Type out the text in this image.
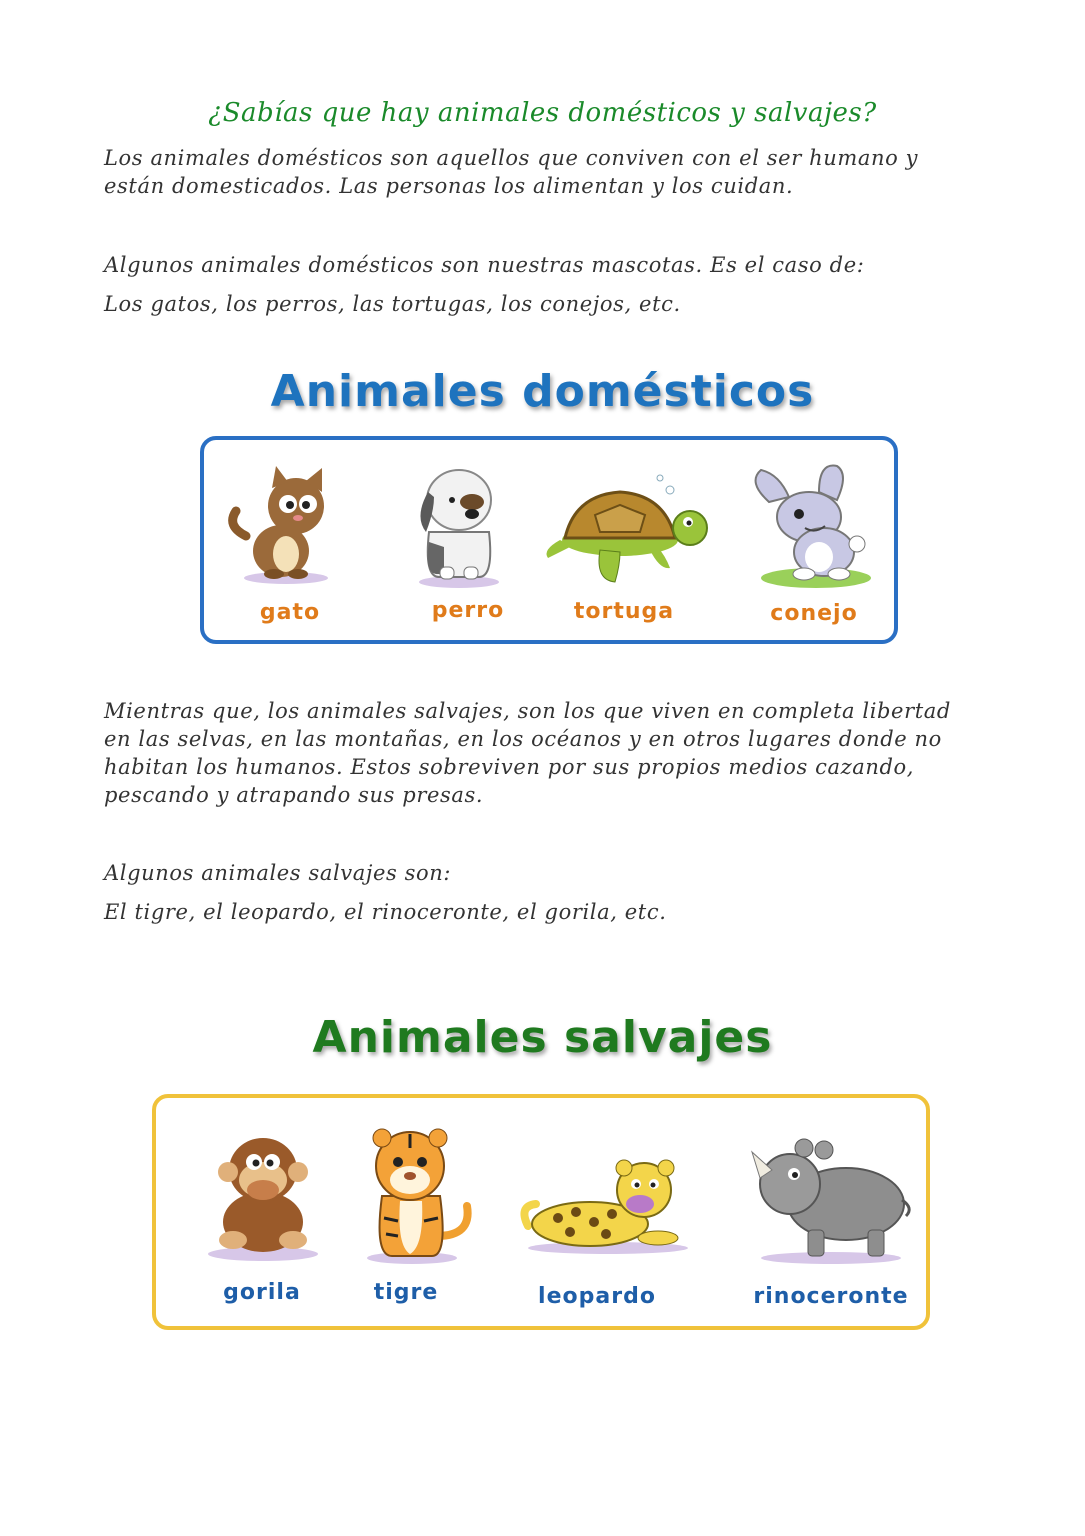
¿Sabías que hay animales domésticos y salvajes?
Los animales domésticos son aquellos que conviven con el ser humano y
están domesticados. Las personas los alimentan y los cuidan.
Algunos animales domésticos son nuestras mascotas. Es el caso de:
Los gatos, los perros, las tortugas, los conejos, etc.
Animales domésticos
gato	perro	tortuga	conejo
Mientras que, los animales salvajes, son los que viven en completa libertad
en las selvas, en las montañas, en los océanos y en otros lugares donde no
habitan los humanos. Estos sobreviven por sus propios medios cazando,
pescando y atrapando sus presas.
Algunos animales salvajes son:
El tigre, el leopardo, el rinoceronte, el gorila, etc.
Animales salvajes
gorila	tigre	leopardo	rinoceronte
